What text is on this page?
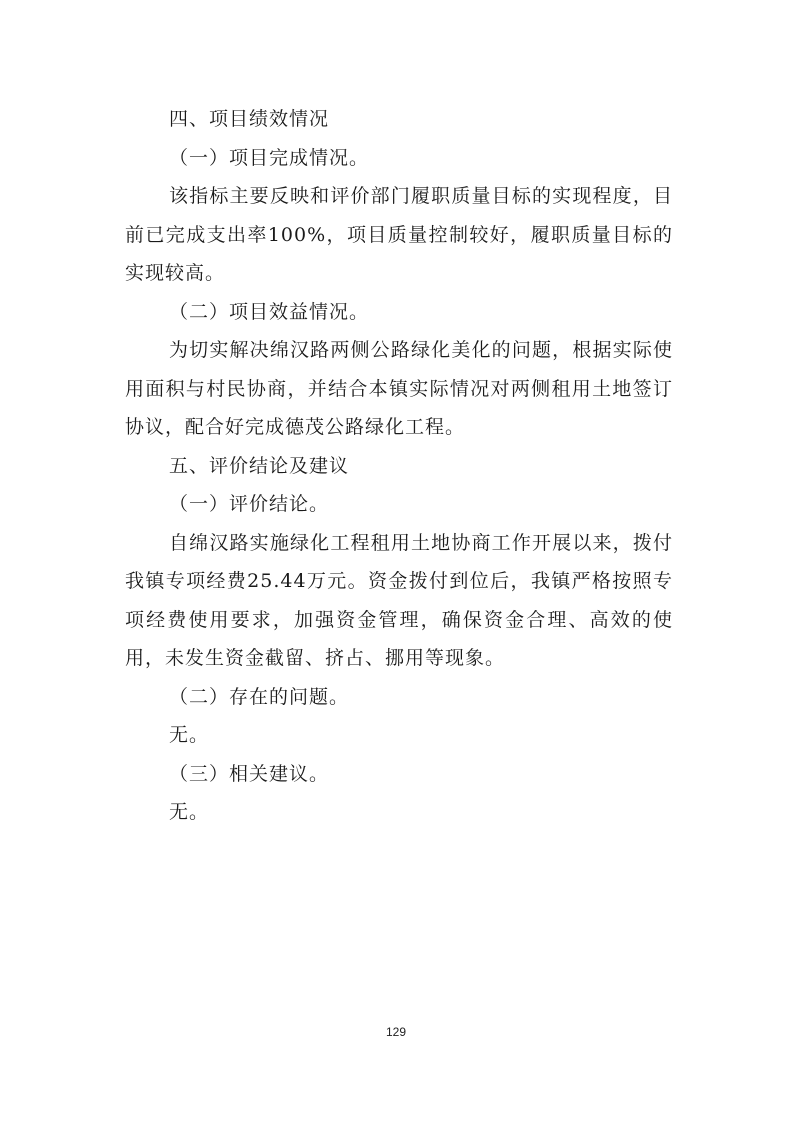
四、项目绩效情况

（一）项目完成情况。

该指标主要反映和评价部门履职质量目标的实现程度，目前已完成支出率100%，项目质量控制较好，履职质量目标的实现较高。

（二）项目效益情况。

为切实解决绵汉路两侧公路绿化美化的问题，根据实际使用面积与村民协商，并结合本镇实际情况对两侧租用土地签订协议，配合好完成德茂公路绿化工程。

五、评价结论及建议

（一）评价结论。

自绵汉路实施绿化工程租用土地协商工作开展以来，拨付我镇专项经费25.44万元。资金拨付到位后，我镇严格按照专项经费使用要求，加强资金管理，确保资金合理、高效的使用，未发生资金截留、挤占、挪用等现象。

（二）存在的问题。

无。

（三）相关建议。

无。

129
